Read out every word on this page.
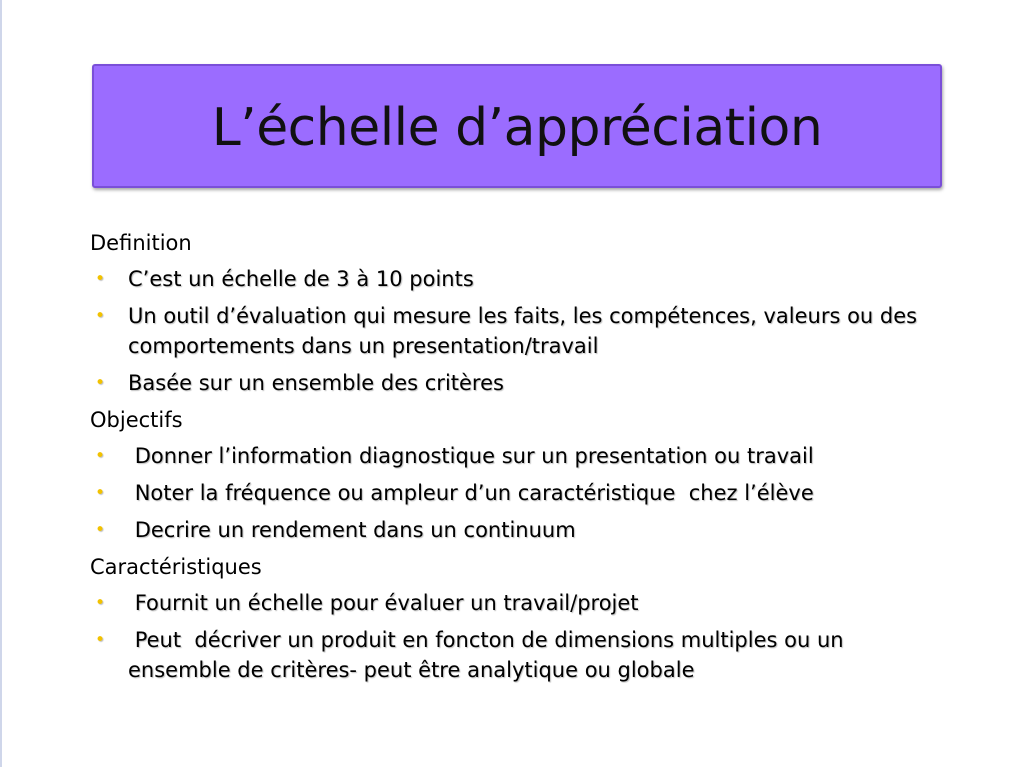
L’échelle d’appréciation
Definition
• C’est un échelle de 3 à 10 points
• Un outil d’évaluation qui mesure les faits, les compétences, valeurs ou des comportements dans un presentation/travail
• Basée sur un ensemble des critères
Objectifs
• Donner l’information diagnostique sur un presentation ou travail
• Noter la fréquence ou ampleur d’un caractéristique  chez l’élève
• Decrire un rendement dans un continuum
Caractéristiques
• Fournit un échelle pour évaluer un travail/projet
• Peut  décriver un produit en foncton de dimensions multiples ou un ensemble de critères- peut être analytique ou globale
